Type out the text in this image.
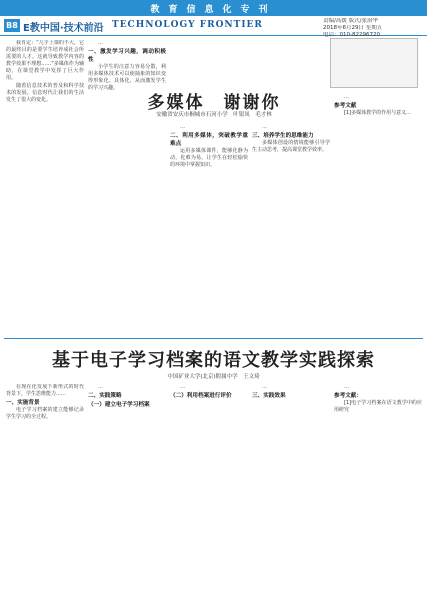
教育信息化专刊
B8 E教中国·技术前沿 TECHNOLOGY FRONTIER	责编/高媛 版式/张治华
2018年6月29日 星期五
电话：010-82296720
多媒体　谢谢你
安徽省安庆市桐城市石河小学　叶银凤　毛才林

我肯定：“几乎上课的不大，它的最终目的是要学生培养成社会所需要的人才。这就导致教学内容的教学效果不理想……”多媒体作为辅助，在课堂教学中发挥了巨大作用。

随着信息技术的普及和科学技术的发展，信息时代让我们的生活发生了很大的变化。

…

一、激发学习兴趣，调动积极性

小学生的注意力容易分散，利用多媒体技术可以使抽象的知识变得形象化、具体化，从而激发学生的学习兴趣。

…

二、利用多媒体，突破教学重难点

运用多媒体课件，能够化静为动，化难为易，让学生在轻松愉快的环境中掌握知识。

…

三、培养学生的思维能力

多媒体创设的情境能够引导学生主动思考，提高课堂教学效率。

…

参考文献

[1]多媒体教学的作用与意义…

基于电子学习档案的语文教学实践探索
中国矿业大学(北京)附属中学　王文琦

在现在化发展下新形式的时代背景下，学生思维能力……

一、实施背景

电子学习档案的建立能够记录学生学习的全过程。

…

二、实践策略

（一）建立电子学习档案

…

（二）利用档案进行评价

…

三、实践效果

…

参考文献：

[1]电子学习档案在语文教学中的应用研究
